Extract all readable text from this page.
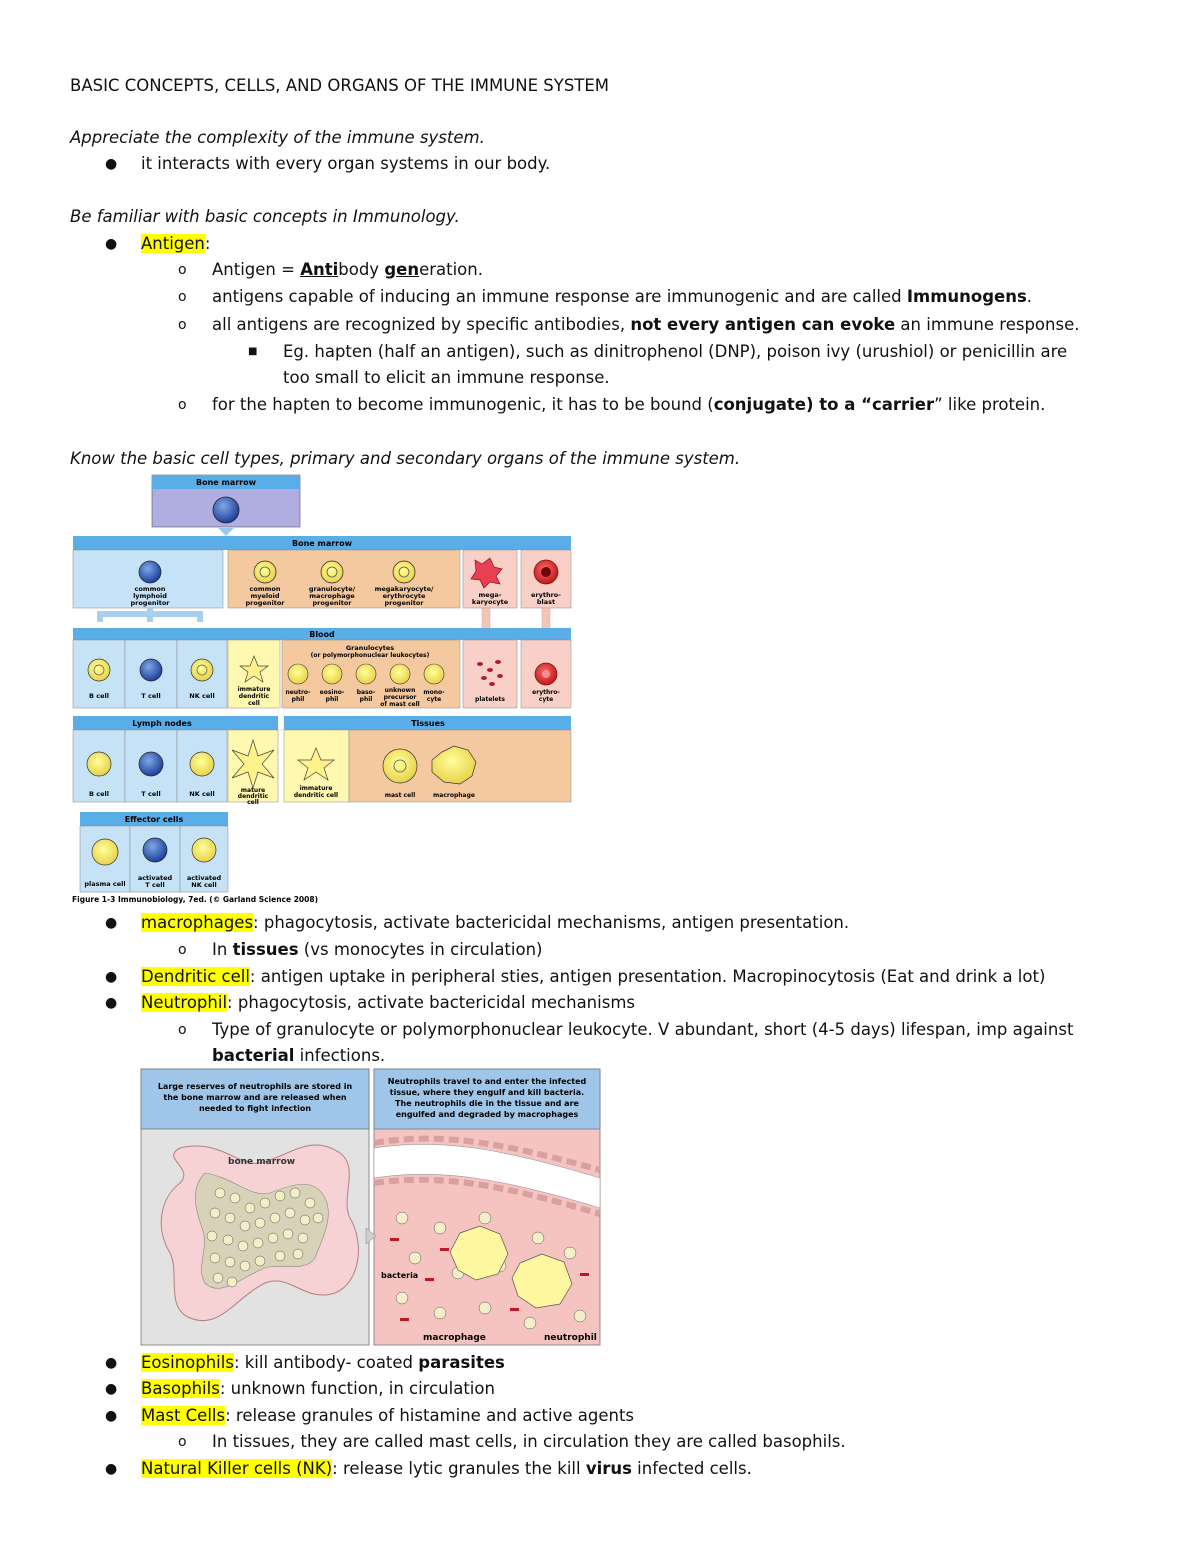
BASIC CONCEPTS, CELLS, AND ORGANS OF THE IMMUNE SYSTEM
Appreciate the complexity of the immune system.
● it interacts with every organ systems in our body.
Be familiar with basic concepts in Immunology.
● Antigen:
o Antigen = Antibody generation.
o antigens capable of inducing an immune response are immunogenic and are called Immunogens.
o all antigens are recognized by specific antibodies, not every antigen can evoke an immune response.
■ Eg. hapten (half an antigen), such as dinitrophenol (DNP), poison ivy (urushiol) or penicillin are
too small to elicit an immune response.
o for the hapten to become immunogenic, it has to be bound (conjugate) to a “carrier” like protein.
Know the basic cell types, primary and secondary organs of the immune system.
Bone marrow
Bone marrow
common
lymphoid
progenitor
common
myeloid
progenitor
granulocyte/
macrophage
progenitor
megakaryocyte/
erythrocyte
progenitor
mega-
karyocyte
erythro-
blast
Blood
Granulocytes
(or polymorphonuclear leukocytes)
B cell	T cell	NK cell
immature
dendritic
cell
neutro-
phil
eosino-
phil
baso-
phil
unknown
precursor
of mast cell
mono-
cyte	platelets
erythro-
cyte
Lymph nodes	Tissues
B cell	T cell	NK cell	mature
dendritic
cell
immature
dendritic cell	mast cell	macrophage
Effector cells
plasma cell
activated
T cell
activated
NK cell
Figure 1-3 Immunobiology, 7ed. (© Garland Science 2008)
● macrophages: phagocytosis, activate bactericidal mechanisms, antigen presentation.
o In tissues (vs monocytes in circulation)
● Dendritic cell: antigen uptake in peripheral sties, antigen presentation. Macropinocytosis (Eat and drink a lot)
● Neutrophil: phagocytosis, activate bactericidal mechanisms
o Type of granulocyte or polymorphonuclear leukocyte. V abundant, short (4-5 days) lifespan, imp against
bacterial infections.
Large reserves of neutrophils are stored in
the bone marrow and are released when
needed to fight infection
bone marrow
Neutrophils travel to and enter the infected
tissue, where they engulf and kill bacteria.
The neutrophils die in the tissue and are
engulfed and degraded by macrophages
bacteria
macrophage	neutrophil
● Eosinophils: kill antibody- coated parasites
● Basophils: unknown function, in circulation
● Mast Cells: release granules of histamine and active agents
o In tissues, they are called mast cells, in circulation they are called basophils.
● Natural Killer cells (NK): release lytic granules the kill virus infected cells.
